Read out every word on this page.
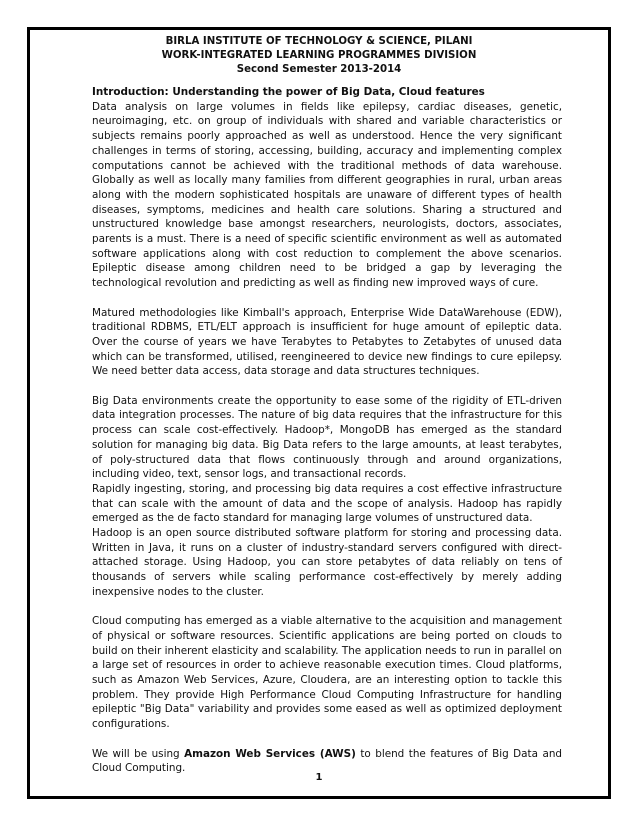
BIRLA INSTITUTE OF TECHNOLOGY & SCIENCE, PILANI
WORK-INTEGRATED LEARNING PROGRAMMES DIVISION
Second Semester 2013-2014

Introduction: Understanding the power of Big Data, Cloud features

Data analysis on large volumes in fields like epilepsy, cardiac diseases, genetic, neuroimaging, etc. on group of individuals with shared and variable characteristics or subjects remains poorly approached as well as understood. Hence the very significant challenges in terms of storing, accessing, building, accuracy and implementing complex computations cannot be achieved with the traditional methods of data warehouse. Globally as well as locally many families from different geographies in rural, urban areas along with the modern sophisticated hospitals are unaware of different types of health diseases, symptoms, medicines and health care solutions. Sharing a structured and unstructured knowledge base amongst researchers, neurologists, doctors, associates, parents is a must. There is a need of specific scientific environment as well as automated software applications along with cost reduction to complement the above scenarios. Epileptic disease among children need to be bridged a gap by leveraging the technological revolution and predicting as well as finding new improved ways of cure.

Matured methodologies like Kimball's approach, Enterprise Wide DataWarehouse (EDW), traditional RDBMS, ETL/ELT approach is insufficient for huge amount of epileptic data. Over the course of years we have Terabytes to Petabytes to Zetabytes of unused data which can be transformed, utilised, reengineered to device new findings to cure epilepsy. We need better data access, data storage and data structures techniques.

Big Data environments create the opportunity to ease some of the rigidity of ETL-driven data integration processes. The nature of big data requires that the infrastructure for this process can scale cost-effectively. Hadoop*, MongoDB has emerged as the standard solution for managing big data. Big Data refers to the large amounts, at least terabytes, of poly-structured data that flows continuously through and around organizations, including video, text, sensor logs, and transactional records.

Rapidly ingesting, storing, and processing big data requires a cost effective infrastructure that can scale with the amount of data and the scope of analysis. Hadoop has rapidly emerged as the de facto standard for managing large volumes of unstructured data.

Hadoop is an open source distributed software platform for storing and processing data. Written in Java, it runs on a cluster of industry-standard servers configured with direct-attached storage. Using Hadoop, you can store petabytes of data reliably on tens of thousands of servers while scaling performance cost-effectively by merely adding inexpensive nodes to the cluster.

Cloud computing has emerged as a viable alternative to the acquisition and management of physical or software resources. Scientific applications are being ported on clouds to build on their inherent elasticity and scalability. The application needs to run in parallel on a large set of resources in order to achieve reasonable execution times. Cloud platforms, such as Amazon Web Services, Azure, Cloudera, are an interesting option to tackle this problem. They provide High Performance Cloud Computing Infrastructure for handling epileptic "Big Data" variability and provides some eased as well as optimized deployment configurations.

We will be using Amazon Web Services (AWS) to blend the features of Big Data and Cloud Computing.

1
